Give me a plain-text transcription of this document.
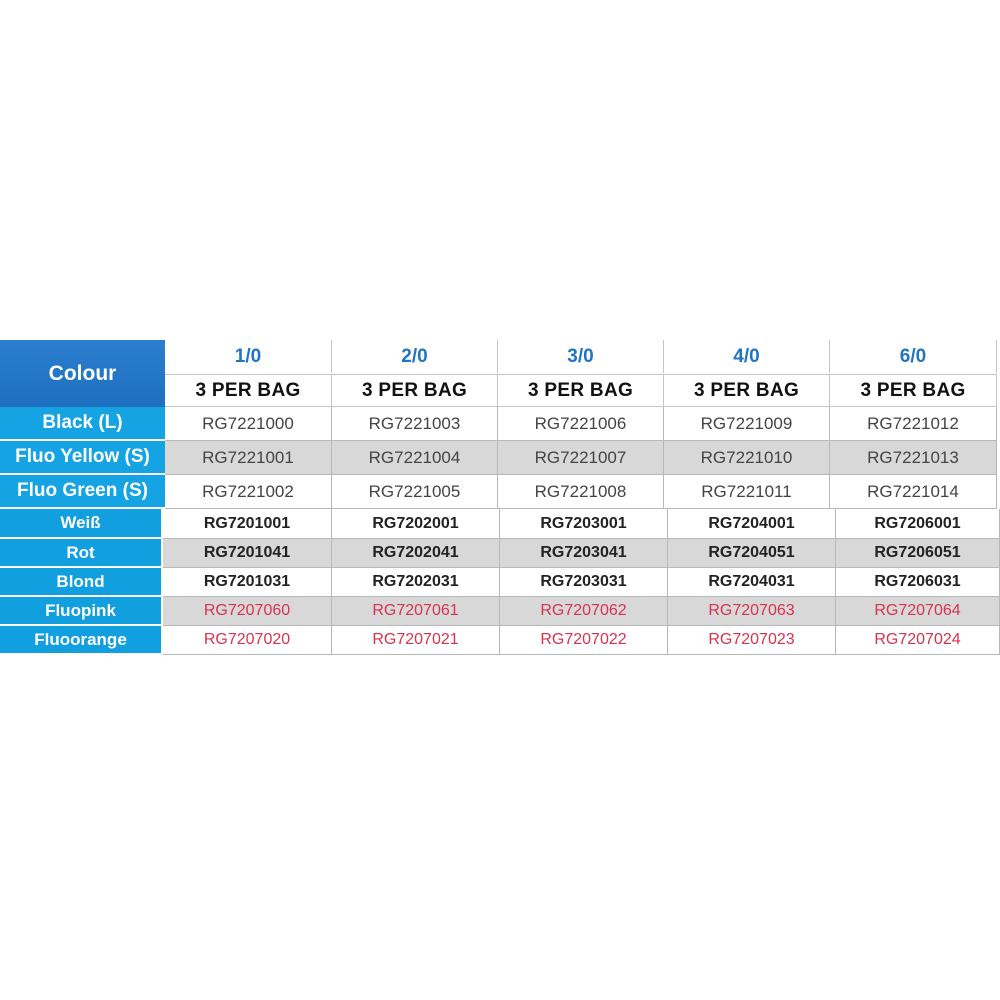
Colour
1/0	2/0	3/0	4/0	6/0
3 PER BAG	3 PER BAG	3 PER BAG	3 PER BAG	3 PER BAG
Black (L)	RG7221000	RG7221003	RG7221006	RG7221009	RG7221012
Fluo Yellow (S)	RG7221001	RG7221004	RG7221007	RG7221010	RG7221013
Fluo Green (S)	RG7221002	RG7221005	RG7221008	RG7221011	RG7221014
Weiß	RG7201001	RG7202001	RG7203001	RG7204001	RG7206001
Rot	RG7201041	RG7202041	RG7203041	RG7204051	RG7206051
Blond	RG7201031	RG7202031	RG7203031	RG7204031	RG7206031
Fluopink	RG7207060	RG7207061	RG7207062	RG7207063	RG7207064
Fluoorange	RG7207020	RG7207021	RG7207022	RG7207023	RG7207024
